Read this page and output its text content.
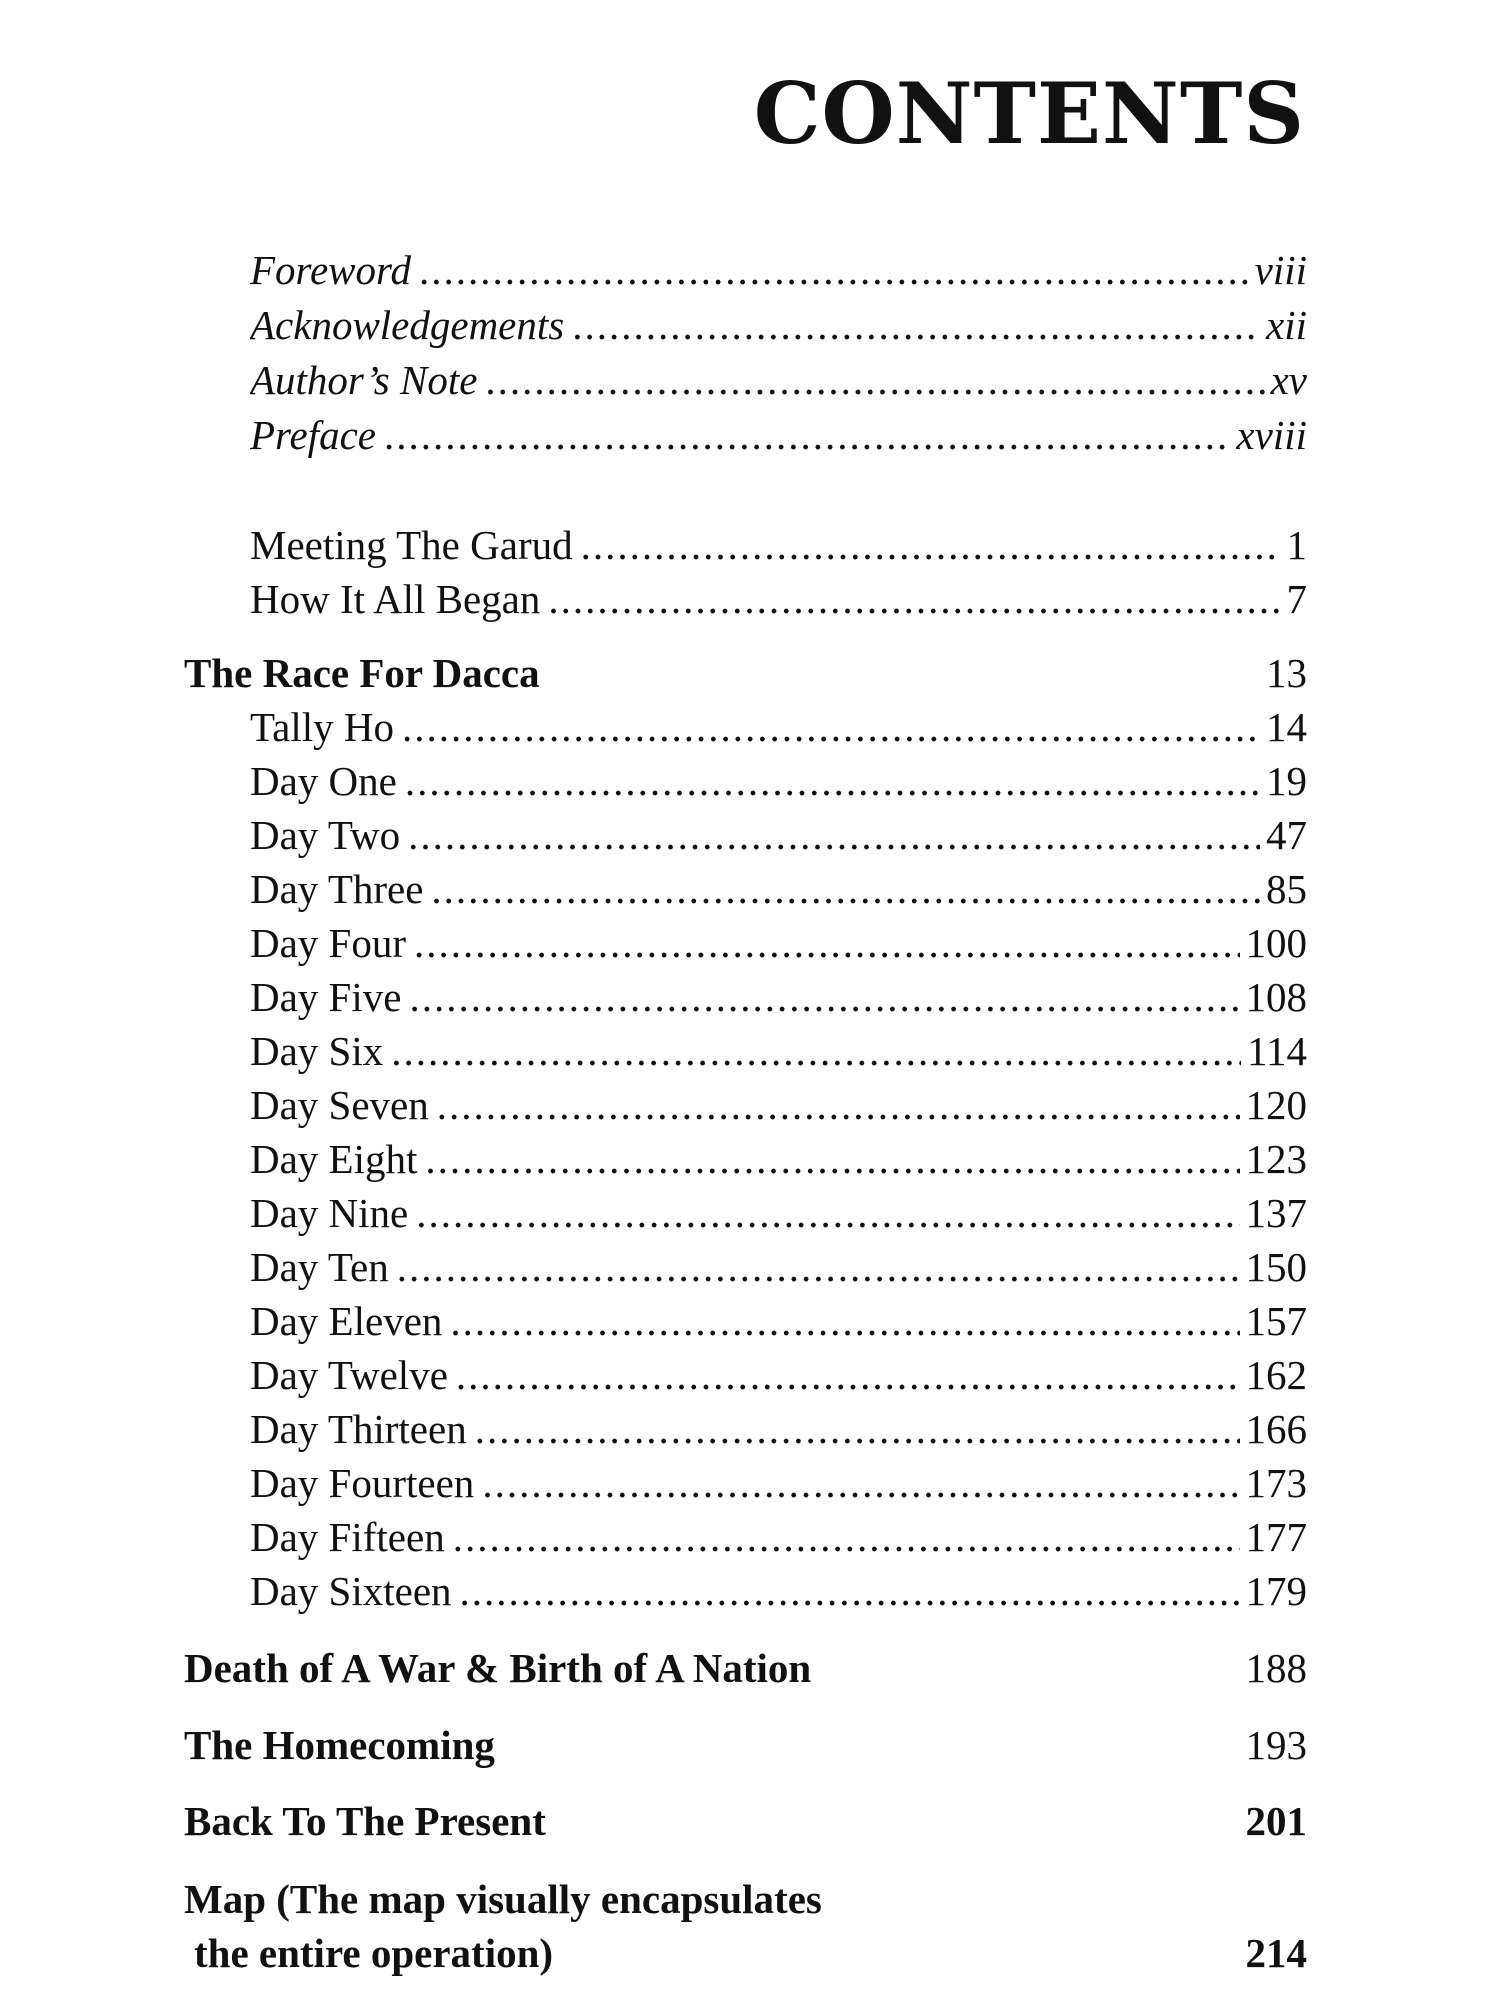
CONTENTS
Foreword .....	viii
Acknowledgements .....	xii
Author’s Note .....	xv
Preface .....	xviii
Meeting The Garud .....	1
How It All Began .....	7
The Race For Dacca	13
Tally Ho .....	14
Day One .....	19
Day Two .....	47
Day Three .....	85
Day Four .....	100
Day Five .....	108
Day Six .....	114
Day Seven .....	120
Day Eight .....	123
Day Nine .....	137
Day Ten .....	150
Day Eleven .....	157
Day Twelve .....	162
Day Thirteen .....	166
Day Fourteen .....	173
Day Fifteen .....	177
Day Sixteen .....	179
Death of A War & Birth of A Nation	188
The Homecoming	193
Back To The Present	201
Map (The map visually encapsulates
the entire operation)	214
